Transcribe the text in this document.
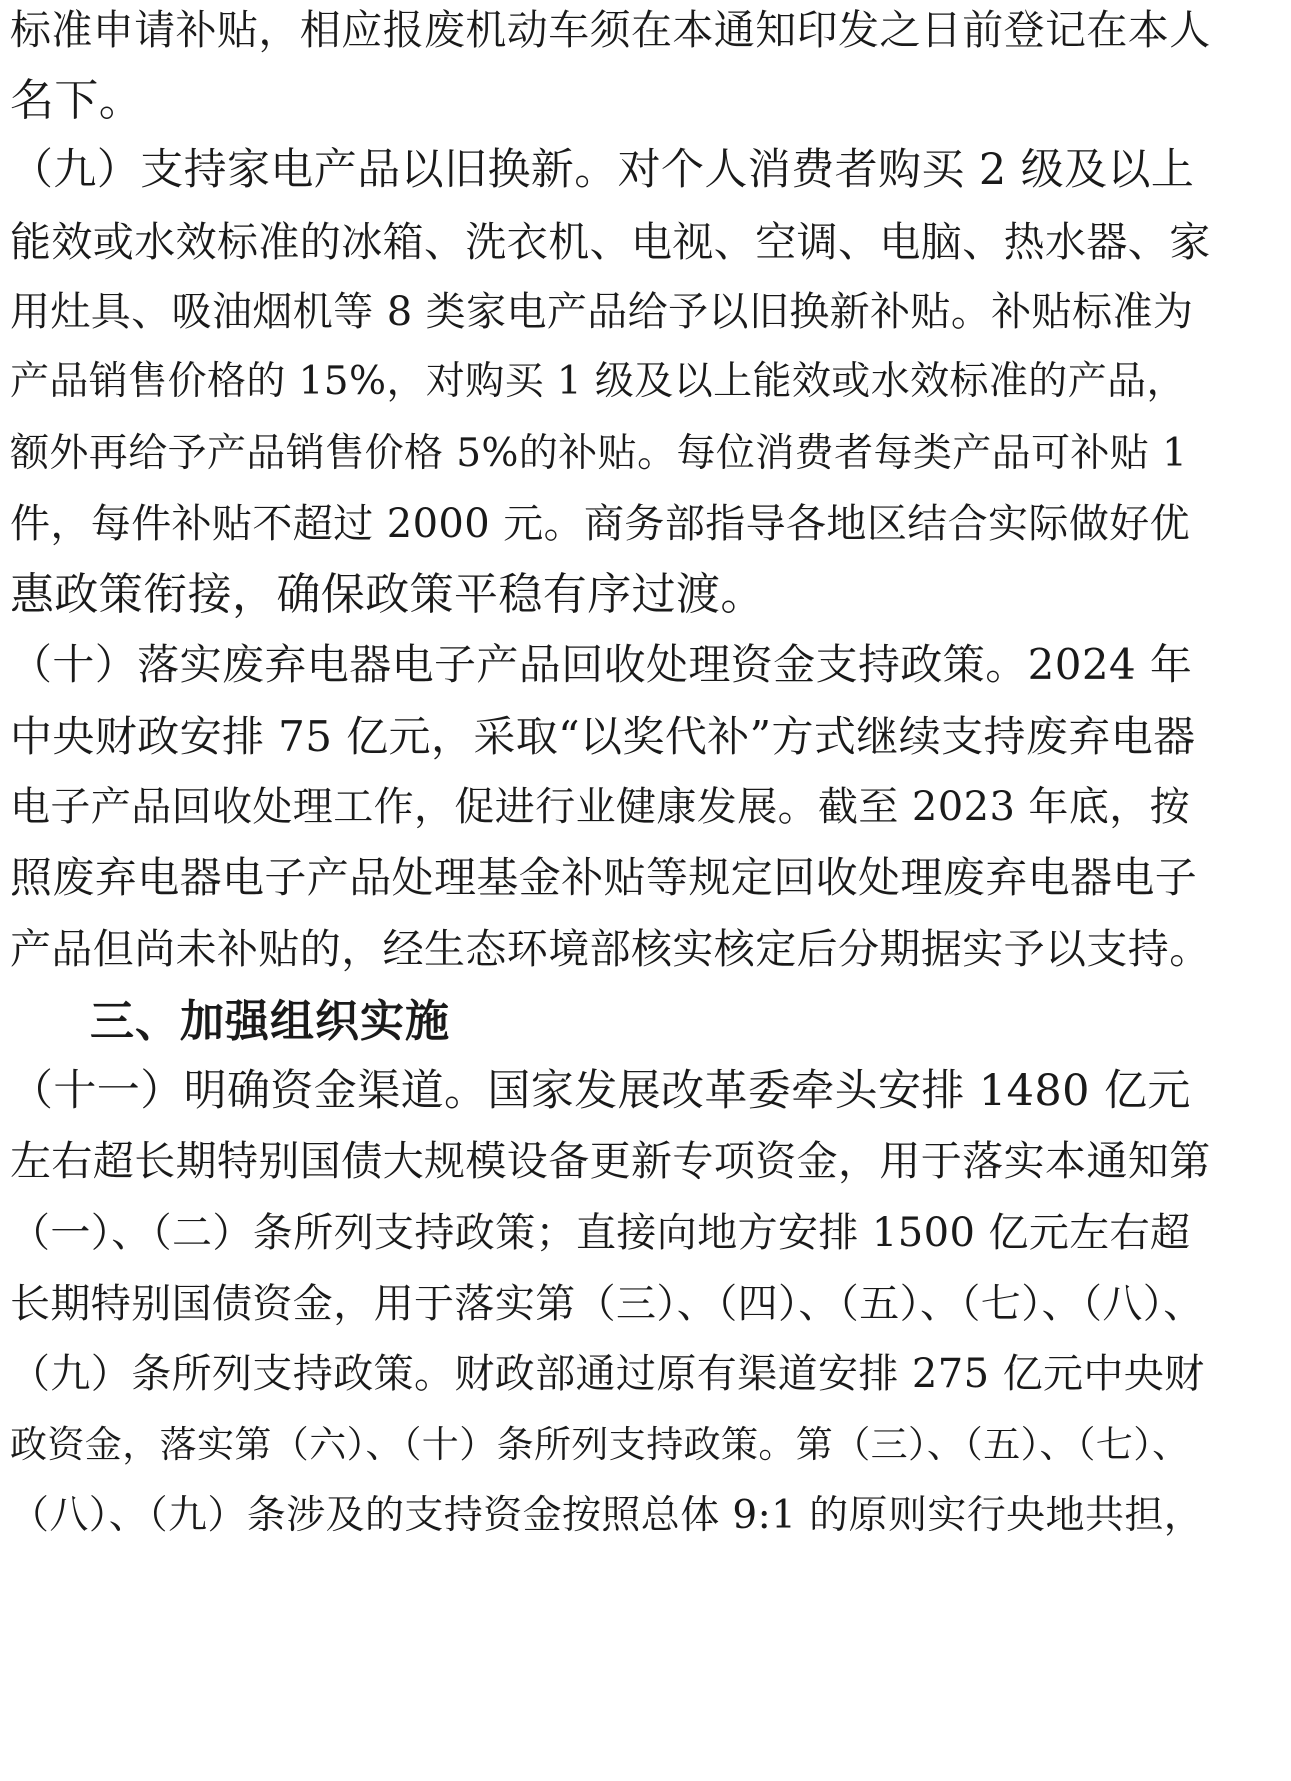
标准申请补贴，相应报废机动车须在本通知印发之日前登记在本人
名下。
（九）支持家电产品以旧换新。对个人消费者购买 2 级及以上
能效或水效标准的冰箱、洗衣机、电视、空调、电脑、热水器、家
用灶具、吸油烟机等 8 类家电产品给予以旧换新补贴。补贴标准为
产品销售价格的 15%，对购买 1 级及以上能效或水效标准的产品，
额外再给予产品销售价格 5%的补贴。每位消费者每类产品可补贴 1
件，每件补贴不超过 2000 元。商务部指导各地区结合实际做好优
惠政策衔接，确保政策平稳有序过渡。
（十）落实废弃电器电子产品回收处理资金支持政策。2024 年
中央财政安排 75 亿元，采取“以奖代补”方式继续支持废弃电器
电子产品回收处理工作，促进行业健康发展。截至 2023 年底，按
照废弃电器电子产品处理基金补贴等规定回收处理废弃电器电子
产品但尚未补贴的，经生态环境部核实核定后分期据实予以支持。
三、加强组织实施
（十一）明确资金渠道。国家发展改革委牵头安排 1480 亿元
左右超长期特别国债大规模设备更新专项资金，用于落实本通知第
（一）、（二）条所列支持政策；直接向地方安排 1500 亿元左右超
长期特别国债资金，用于落实第（三）、（四）、（五）、（七）、（八）、
（九）条所列支持政策。财政部通过原有渠道安排 275 亿元中央财
政资金，落实第（六）、（十）条所列支持政策。第（三）、（五）、（七）、
（八）、（九）条涉及的支持资金按照总体 9:1 的原则实行央地共担，
